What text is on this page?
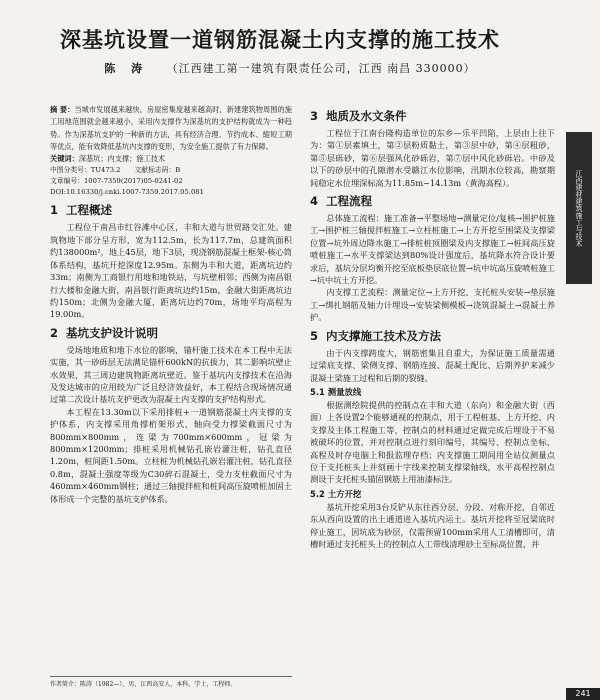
深基坑设置一道钢筋混凝土内支撑的施工技术
陈 涛 （江西建工第一建筑有限责任公司，江西 南昌 330000）
摘 要：当城市发展越来越快，房屋密集度越来越高时，新建建筑物周围的施工用地范围就会越来越小，采用内支撑作为深基坑的支护结构就成为一种趋势。作为深基坑支护的一种新的方法，具有经济合理、节约成本、缩短工期等优点，能有效降低基坑内支撑的变形，为安全施工提供了有力保障。
关键词：深基坑；内支撑；施工技术
中图分类号：TU473.2 文献标志码：B
文章编号：1007-7359(2017)05-0241-02
DOI:10.16330/j.cnki.1007-7359.2017.05.081
1 工程概述

工程位于南昌市红谷滩中心区，丰和大道与世贸路交汇处。建筑物地下部分呈方形，宽为112.5m，长为117.7m，总建筑面积约138000m²，地上45层，地下3层，现浇钢筋混凝土框架-核心筒体系结构，基坑开挖深度12.95m。东侧为丰和大道，距离坑边约33m；南侧为工商银行用地和地铁站，与坑壁相邻；西侧为南昌银行大楼和金融大街，南昌银行距离坑边约15m，金融大街距离坑边约150m；北侧为金融大厦，距离坑边约70m，场地平均高程为19.00m。

2 基坑支护设计说明

受场地地质和地下水位的影响，锚杆施工技术在本工程中无法实施，其一砂砾层无法满足锚杆600kN的抗拔力，其二影响坑壁止水效果，其三周边建筑物距离坑壁近。鉴于基坑内支撑技术在沿海及发达城市的应用较为广泛且经济效益好，本工程结合现场情况通过第二次设计基坑支护更改为混凝土内支撑的支护结构形式。

本工程在13.30m以下采用排桩+一道钢筋混凝土内支撑的支护体系，内支撑采用角撑桁架形式，轴向受力撑梁截面尺寸为800mm×800mm，连梁为700mm×600mm，冠梁为800mm×1200mm；排桩采用机械钻孔嵌岩灌注桩，钻孔直径1.20m，桩间距1.50m。立柱桩为机械钻孔嵌岩灌注桩，钻孔直径0.8m，混凝土强度等级为C30碎石混凝土，受力支柱截面尺寸为460mm×460mm钢柱；通过三轴搅拌桩和桩间高压旋喷桩加固土体形成一个完整的基坑支护体系。

3 地质及水文条件

工程位于江南台隆构造单位的东乡—乐平凹陷，上层由上往下为：第①层素填土，第②层粉质黏土，第③层中砂，第④层粗砂，第⑤层砾砂，第⑥层强风化砂砾岩，第⑦层中风化砂砾岩。中砂及以下的砂层中的孔隙潜水受赣江水位影响，汛期水位较高，勘察期间稳定水位埋深标高为11.85m~14.13m（黄海高程）。

4 工程流程

总体施工流程：施工准备→平整场地→测量定位/复核→围护桩施工→围护桩三轴搅拌桩施工→立柱桩施工→上方开挖至围梁及支撑梁位置→坑外周边降水施工→排桩桩顶圈梁及内支撑施工→桩间高压旋喷桩施工→水平支撑梁达到80%设计强度后，基坑降水符合设计要求后，基坑分层均衡开挖至底板垫层底位置→坑中坑高压旋喷桩施工→坑中坑土方开挖。

内支撑工艺流程：测量定位→上方开挖、支托桩头安装→垫层施工→绑扎钢筋及轴力计埋设→安装梁侧模板→浇筑混凝土→混凝土养护。

5 内支撑施工技术及方法

由于内支撑跨度大，钢筋密集且自重大，为保证施工质量需通过梁底支撑、梁侧支撑、钢筋连接、混凝土配比、后期养护来减少混凝土梁施工过程和后期的裂缝。

5.1 测量放线

根据测绘院提供的控制点在丰和大道（东向）和金融大街（西面）上各设置2个能够通视的控制点，用于工程桩基、上方开挖、内支撑及主体工程施工等，控制点的材料通过定做完成后埋设于不易被破坏的位置，并对控制点进行刻印编号，其编号、控制点坐标、高程及时存电脑上和报监理存档；内支撑施工期间用全站仪测量点位于支托桩头上并刻画十字线来控制支撑梁轴线，水平高程控制点测设于支托桩头锚固钢筋上用油漆标注。

5.2 土方开挖

基坑开挖采用3台反铲从东往西分层、分段、对称开挖，自邻近东从西向设置的出土通道进入基坑内运土。基坑开挖将至冠梁底时停止施工，因坑底为砂层，仅需预留100mm采用人工清槽即可，清槽时通过支托桩头上的控制点人工带线清理砂土至标高位置，并

作者简介：陈涛（1982—），男，江西高安人，本科，学士，工程师。
江西建材
建筑施工与技术
241
